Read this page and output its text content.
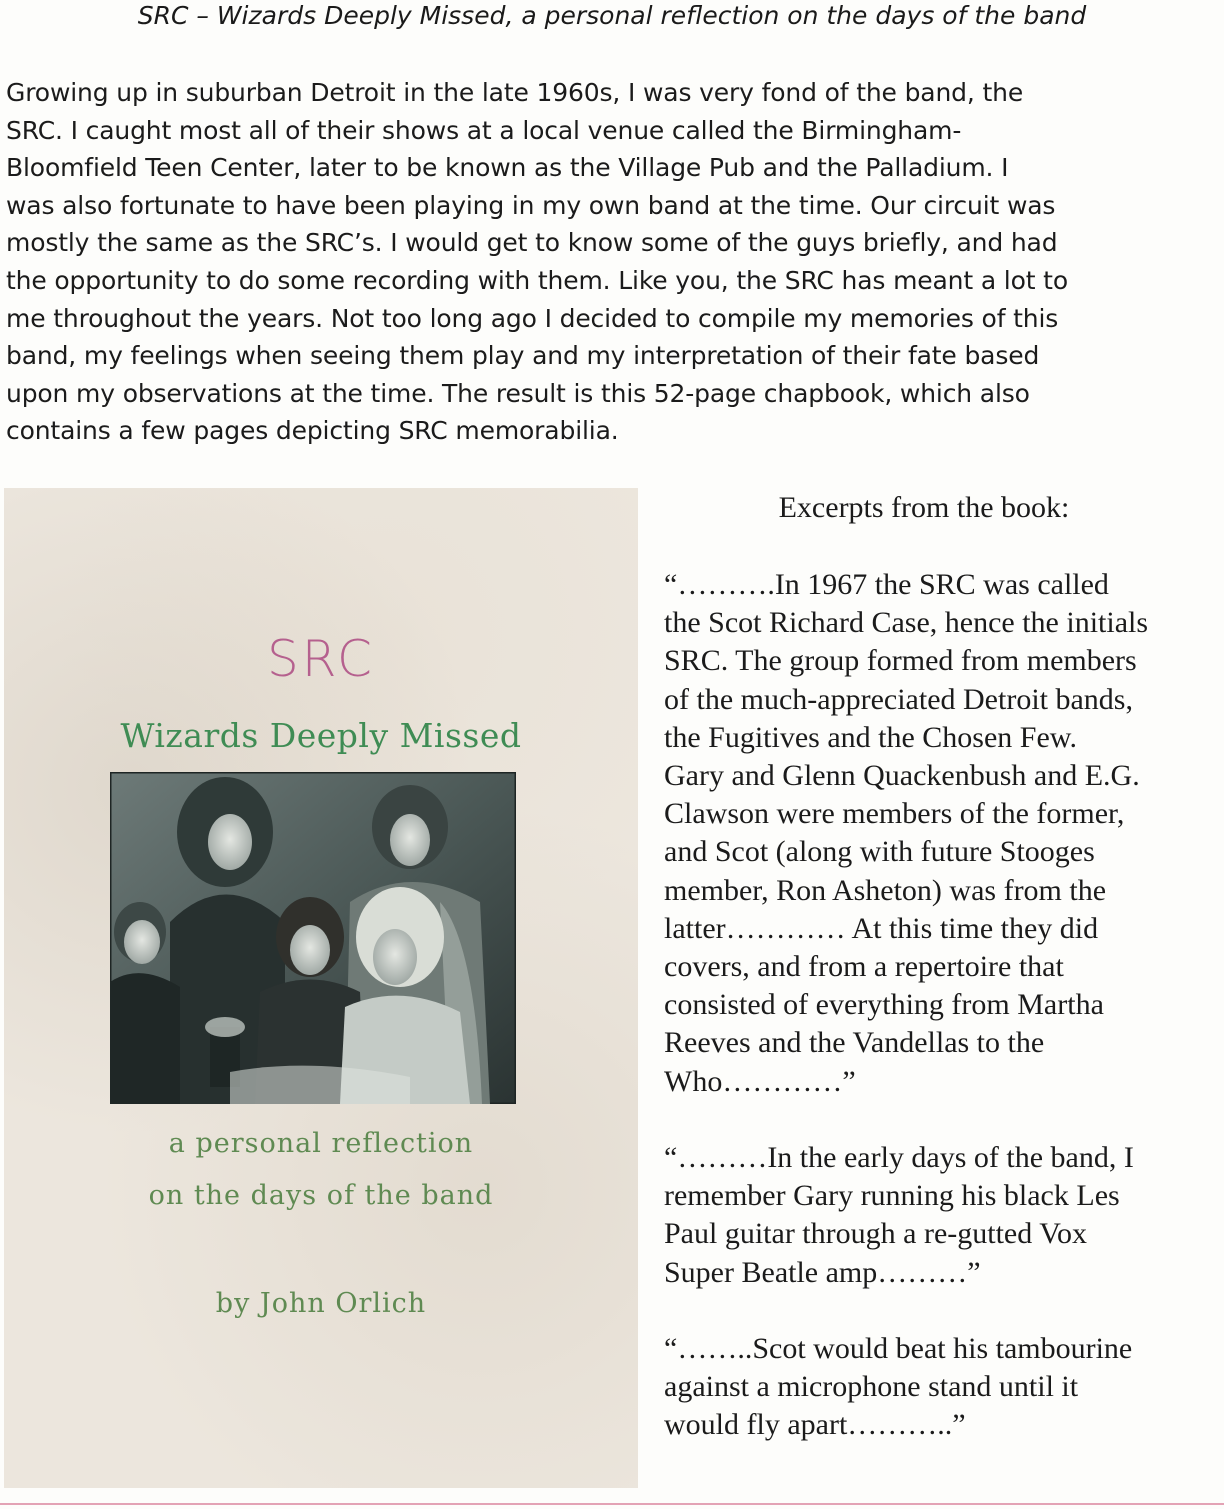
SRC – Wizards Deeply Missed, a personal reflection on the days of the band
Growing up in suburban Detroit in the late 1960s, I was very fond of the band, the
SRC. I caught most all of their shows at a local venue called the Birmingham-
Bloomfield Teen Center, later to be known as the Village Pub and the Palladium. I
was also fortunate to have been playing in my own band at the time. Our circuit was
mostly the same as the SRC’s. I would get to know some of the guys briefly, and had
the opportunity to do some recording with them. Like you, the SRC has meant a lot to
me throughout the years. Not too long ago I decided to compile my memories of this
band, my feelings when seeing them play and my interpretation of their fate based
upon my observations at the time. The result is this 52-page chapbook, which also
contains a few pages depicting SRC memorabilia.
SRC
Wizards Deeply Missed
a personal reflection
on the days of the band
by John Orlich
Excerpts from the book:
“……….In 1967 the SRC was called
the Scot Richard Case, hence the initials
SRC. The group formed from members
of the much-appreciated Detroit bands,
the Fugitives and the Chosen Few.
Gary and Glenn Quackenbush and E.G.
Clawson were members of the former,
and Scot (along with future Stooges
member, Ron Asheton) was from the
latter………… At this time they did
covers, and from a repertoire that
consisted of everything from Martha
Reeves and the Vandellas to the
Who…………”
“………In the early days of the band, I
remember Gary running his black Les
Paul guitar through a re-gutted Vox
Super Beatle amp………”
“……..Scot would beat his tambourine
against a microphone stand until it
would fly apart………..”
